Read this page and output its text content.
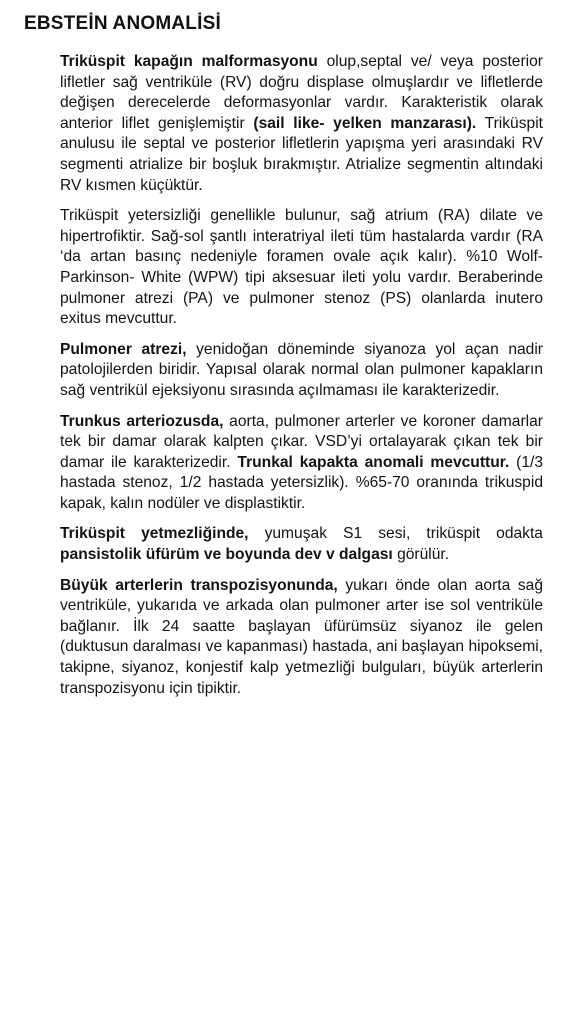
EBSTEİN ANOMALİSİ

Triküspit kapağın malformasyonu olup,septal ve/ veya posterior lifletler sağ ventriküle (RV) doğru displase olmuşlardır ve lifletlerde değişen derecelerde deformasyonlar vardır. Karakteristik olarak anterior liflet genişlemiştir (sail like- yelken manzarası). Triküspit anulusu ile septal ve posterior lifletlerin yapışma yeri arasındaki RV segmenti atrialize bir boşluk bırakmıştır. Atrialize segmentin altındaki RV kısmen küçüktür.

Triküspit yetersizliği genellikle bulunur, sağ atrium (RA) dilate ve hipertrofiktir. Sağ-sol şantlı interatriyal ileti tüm hastalarda vardır (RA ‘da artan basınç nedeniyle foramen ovale açık kalır). %10 Wolf-Parkinson- White (WPW) tipi aksesuar ileti yolu vardır. Beraberinde pulmoner atrezi (PA) ve pulmoner stenoz (PS) olanlarda inutero exitus mevcuttur.

Pulmoner atrezi, yenidoğan döneminde siyanoza yol açan nadir patolojilerden biridir. Yapısal olarak normal olan pulmoner kapakların sağ ventrikül ejeksiyonu sırasında açılmaması ile karakterizedir.

Trunkus arteriozusda, aorta, pulmoner arterler ve koroner damarlar tek bir damar olarak kalpten çıkar. VSD’yi ortalayarak çıkan tek bir damar ile karakterizedir. Trunkal kapakta anomali mevcuttur. (1/3 hastada stenoz, 1/2 hastada yetersizlik). %65-70 oranında trikuspid kapak, kalın nodüler ve displastiktir.

Triküspit yetmezliğinde, yumuşak S1 sesi, triküspit odakta pansistolik üfürüm ve boyunda dev v dalgası görülür.

Büyük arterlerin transpozisyonunda, yukarı önde olan aorta sağ ventriküle, yukarıda ve arkada olan pulmoner arter ise sol ventriküle bağlanır. İlk 24 saatte başlayan üfürümsüz siyanoz ile gelen (duktusun daralması ve kapanması) hastada, ani başlayan hipoksemi, takipne, siyanoz, konjestif kalp yetmezliği bulguları, büyük arterlerin transpozisyonu için tipiktir.
